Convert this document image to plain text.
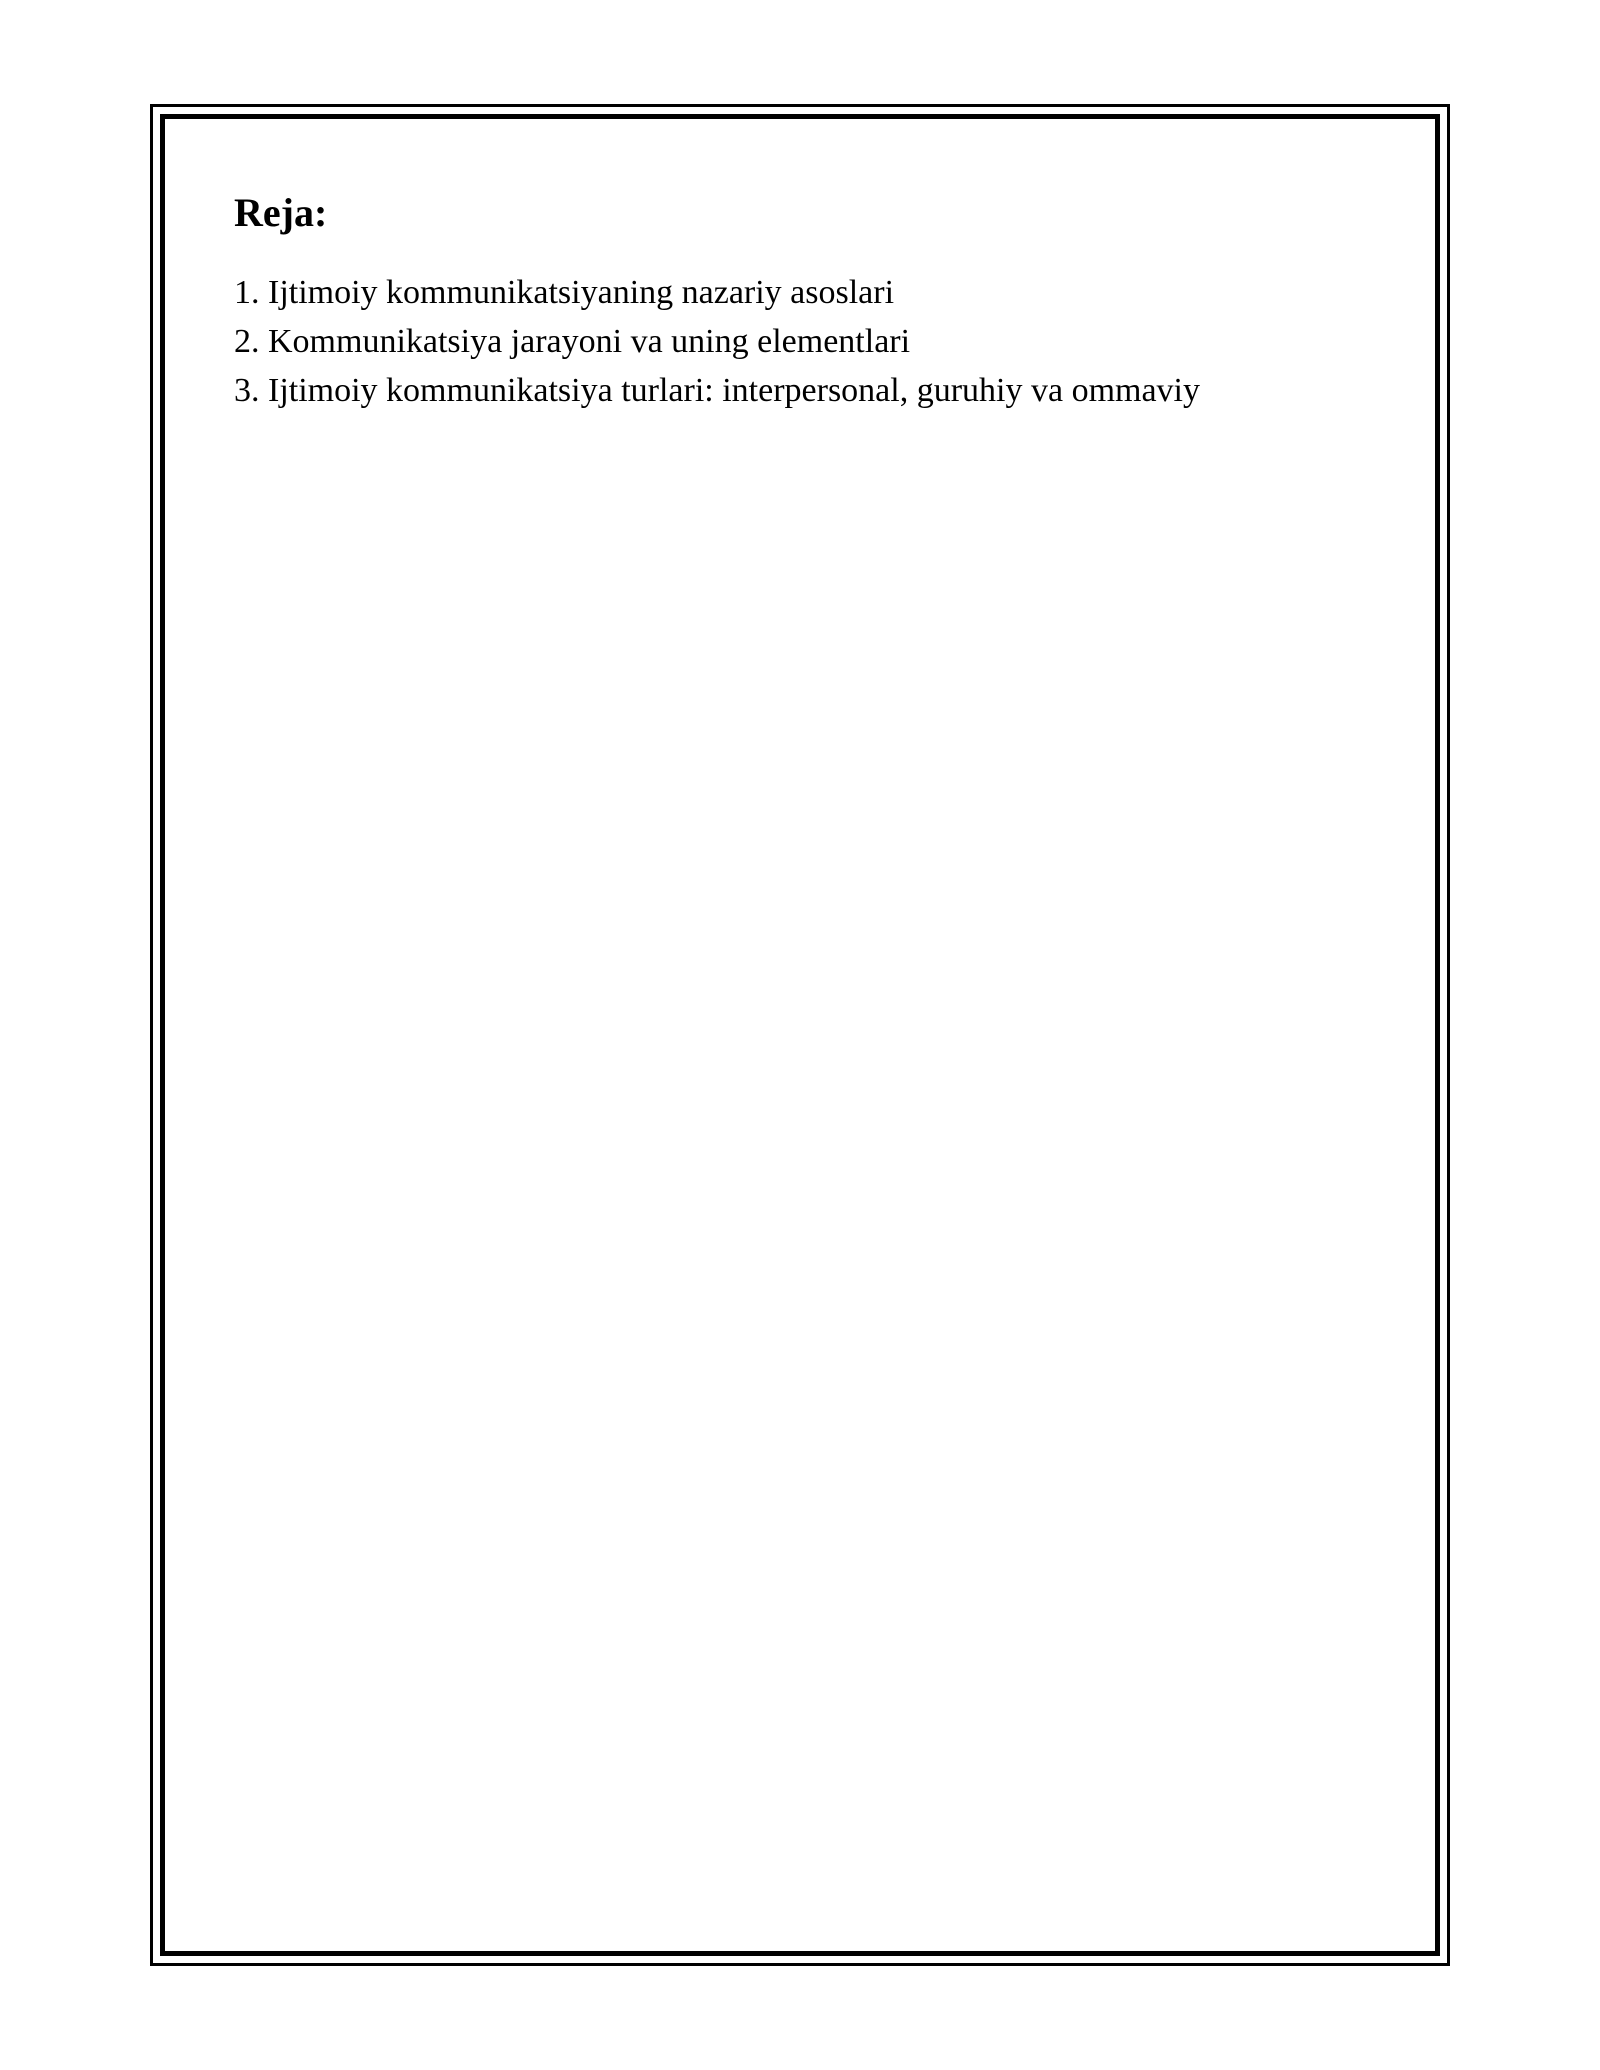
Reja:
1. Ijtimoiy kommunikatsiyaning nazariy asoslari
2. Kommunikatsiya jarayoni va uning elementlari
3. Ijtimoiy kommunikatsiya turlari: interpersonal, guruhiy va ommaviy
